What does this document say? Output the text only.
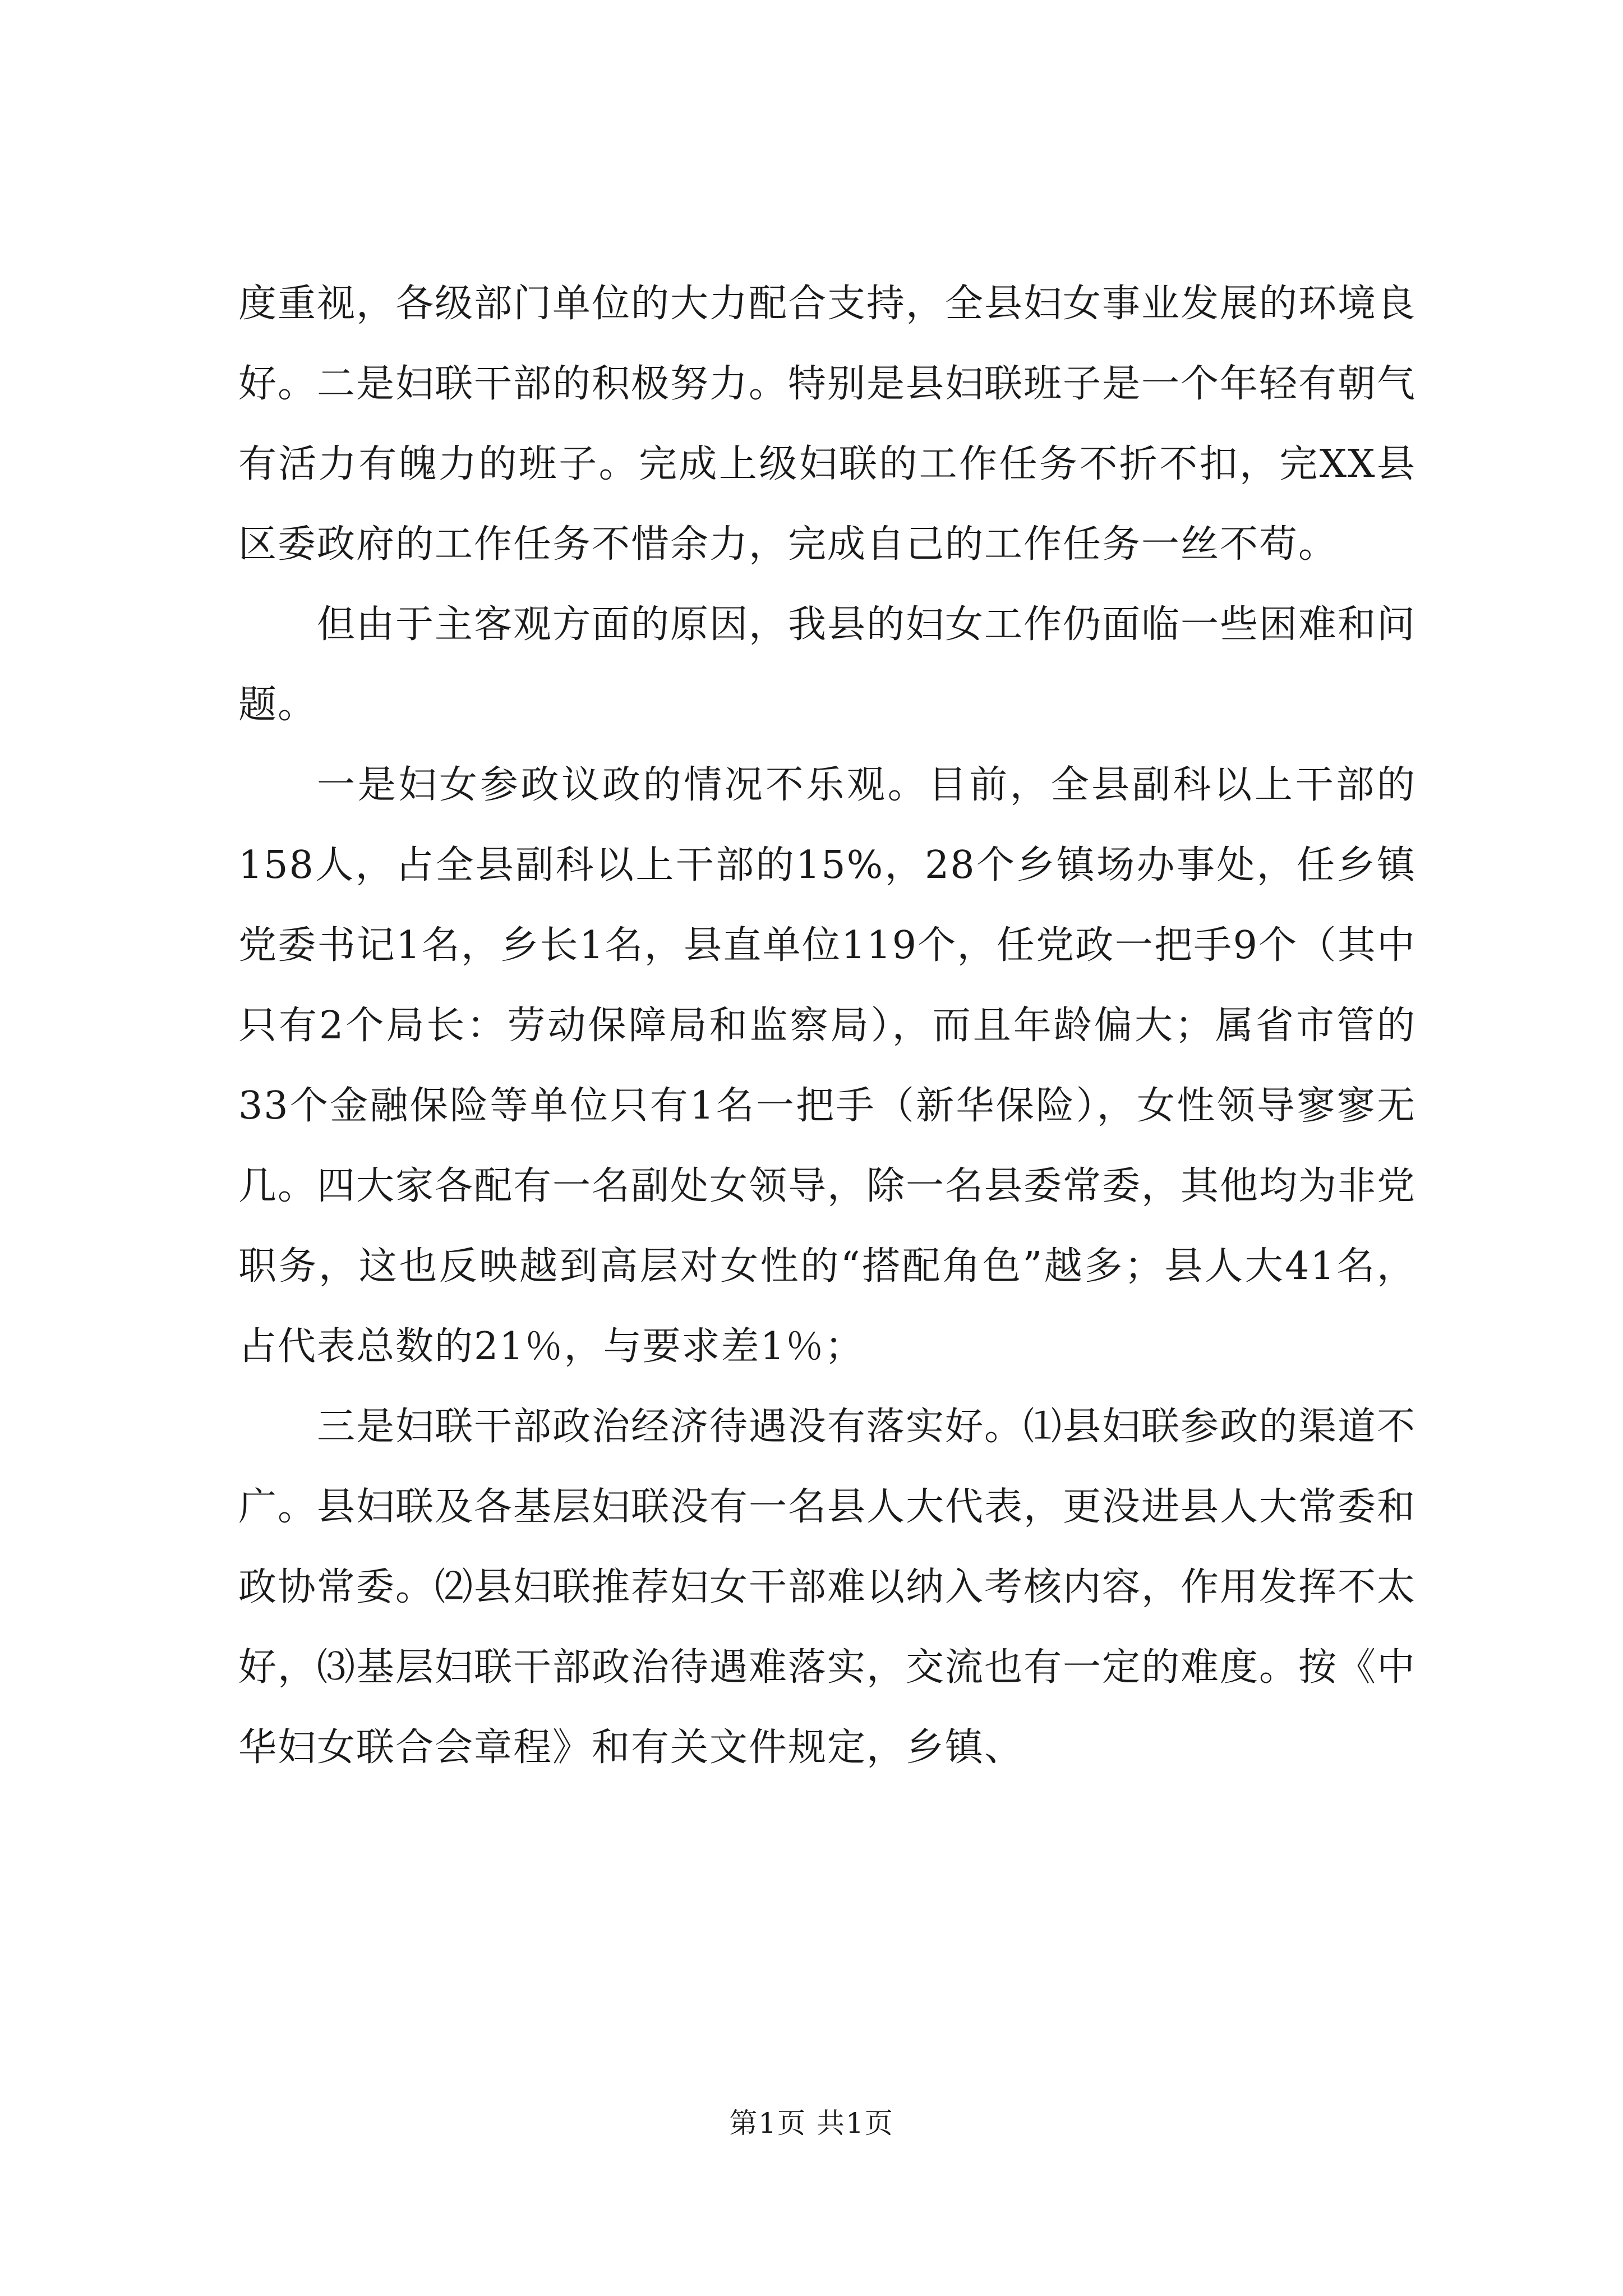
度重视，各级部门单位的大力配合支持，全县妇女事业发展的环境良好。二是妇联干部的积极努力。特别是县妇联班子是一个年轻有朝气有活力有魄力的班子。完成上级妇联的工作任务不折不扣，完XX县区委政府的工作任务不惜余力，完成自己的工作任务一丝不苟。

但由于主客观方面的原因，我县的妇女工作仍面临一些困难和问题。

一是妇女参政议政的情况不乐观。目前，全县副科以上干部的158人，占全县副科以上干部的15%，28个乡镇场办事处，任乡镇党委书记1名，乡长1名，县直单位119个，任党政一把手9个（其中只有2个局长：劳动保障局和监察局），而且年龄偏大；属省市管的33个金融保险等单位只有1名一把手（新华保险），女性领导寥寥无几。四大家各配有一名副处女领导，除一名县委常委，其他均为非党职务，这也反映越到高层对女性的“搭配角色”越多；县人大41名，占代表总数的21％，与要求差1％；

三是妇联干部政治经济待遇没有落实好。⑴县妇联参政的渠道不广。县妇联及各基层妇联没有一名县人大代表，更没进县人大常委和政协常委。⑵县妇联推荐妇女干部难以纳入考核内容，作用发挥不太好，⑶基层妇联干部政治待遇难落实，交流也有一定的难度。按《中华妇女联合会章程》和有关文件规定，乡镇、

第1页 共1页
